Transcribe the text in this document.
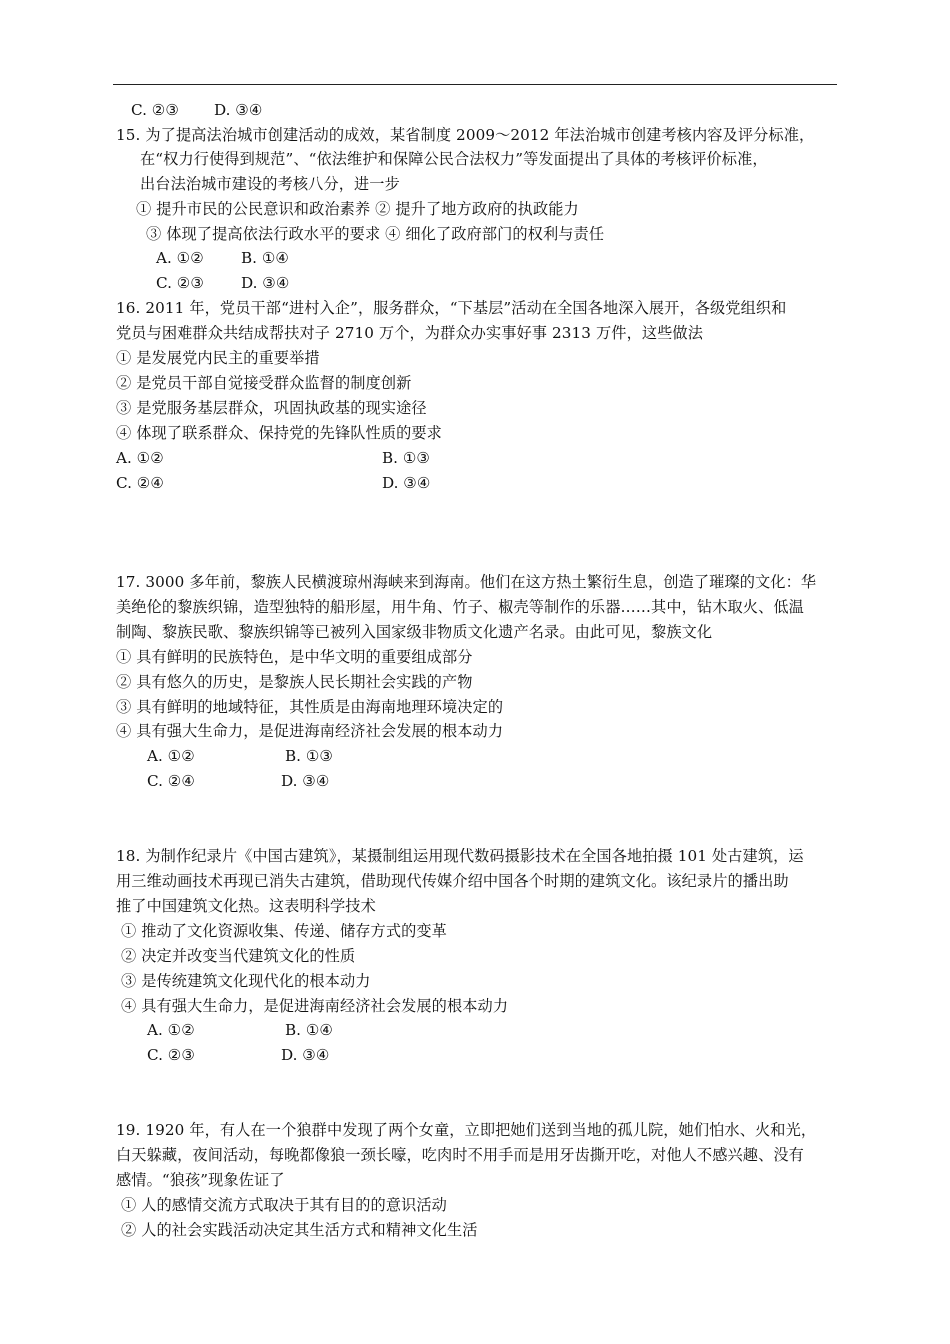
C. ②③ D. ③④
15. 为了提高法治城市创建活动的成效，某省制度 2009～2012 年法治城市创建考核内容及评分标准，
在“权力行使得到规范”、“依法维护和保障公民合法权力”等发面提出了具体的考核评价标准，
出台法治城市建设的考核八分，进一步
① 提升市民的公民意识和政治素养 ② 提升了地方政府的执政能力
③ 体现了提高依法行政水平的要求 ④ 细化了政府部门的权利与责任
A. ①② B. ①④
C. ②③ D. ③④
16. 2011 年，党员干部“进村入企”，服务群众，“下基层”活动在全国各地深入展开，各级党组织和
党员与困难群众共结成帮扶对子 2710 万个，为群众办实事好事 2313 万件，这些做法
① 是发展党内民主的重要举措
② 是党员干部自觉接受群众监督的制度创新
③ 是党服务基层群众，巩固执政基的现实途径
④ 体现了联系群众、保持党的先锋队性质的要求
A. ①②	B. ①③
C. ②④	D. ③④
17. 3000 多年前，黎族人民横渡琼州海峡来到海南。他们在这方热土繁衍生息，创造了璀璨的文化：华
美绝伦的黎族织锦，造型独特的船形屋，用牛角、竹子、椒壳等制作的乐器……其中，钻木取火、低温
制陶、黎族民歌、黎族织锦等已被列入国家级非物质文化遗产名录。由此可见，黎族文化
① 具有鲜明的民族特色，是中华文明的重要组成部分
② 具有悠久的历史，是黎族人民长期社会实践的产物
③ 具有鲜明的地域特征，其性质是由海南地理环境决定的
④ 具有强大生命力，是促进海南经济社会发展的根本动力
A. ①②	B. ①③
C. ②④	D. ③④
18. 为制作纪录片《中国古建筑》，某摄制组运用现代数码摄影技术在全国各地拍摄 101 处古建筑，运
用三维动画技术再现已消失古建筑，借助现代传媒介绍中国各个时期的建筑文化。该纪录片的播出助
推了中国建筑文化热。这表明科学技术
① 推动了文化资源收集、传递、储存方式的变革
② 决定并改变当代建筑文化的性质
③ 是传统建筑文化现代化的根本动力
④ 具有强大生命力，是促进海南经济社会发展的根本动力
A. ①②	B. ①④
C. ②③	D. ③④
19. 1920 年，有人在一个狼群中发现了两个女童，立即把她们送到当地的孤儿院，她们怕水、火和光，
白天躲藏，夜间活动，每晚都像狼一颈长嚎，吃肉时不用手而是用牙齿撕开吃，对他人不感兴趣、没有
感情。“狼孩”现象佐证了
① 人的感情交流方式取决于其有目的的意识活动
② 人的社会实践活动决定其生活方式和精神文化生活
